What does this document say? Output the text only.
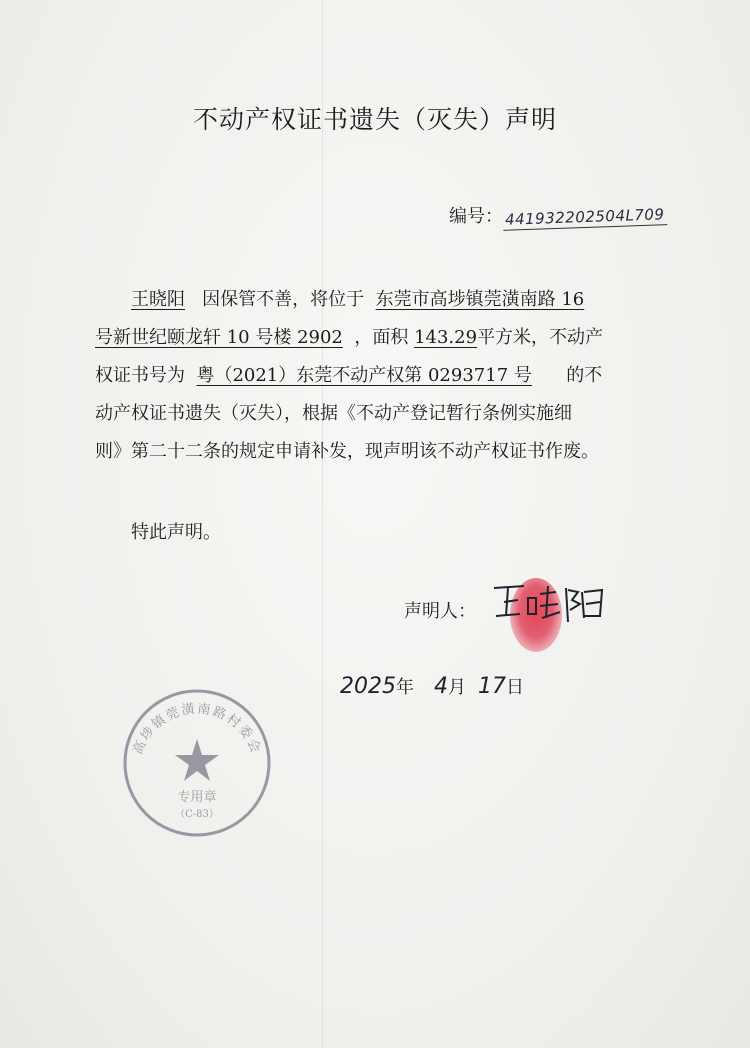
不动产权证书遗失（灭失）声明
编号： 441932202504L709
王晓阳 因保管不善，将位于 东莞市高埗镇莞潢南路 16
号新世纪颐龙轩 10 号楼 2902 ，面积 143.29平方米，不动产
权证书号为 粤（2021）东莞不动产权第 0293717 号 的不
动产权证书遗失（灭失），根据《不动产登记暂行条例实施细
则》第二十二条的规定申请补发，现声明该不动产权证书作废。
特此声明。
声明人：
2025 年 4 月 17 日
高埗镇莞潢南路村委会
专用章
（C-83）
